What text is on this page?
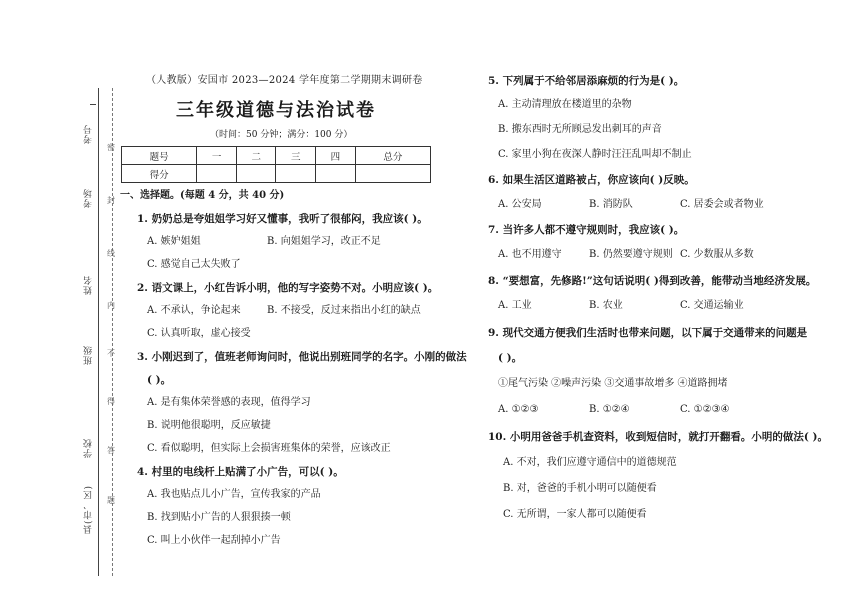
考号
考场
姓名
班级
学校
县(市、区)
密
封
线
内
不
得
答
题
（人教版）安国市 2023—2024 学年度第二学期期末调研卷
三年级道德与法治试卷
（时间：50 分钟；满分：100 分）
题号	一	二	三	四	总分
得分					
一、选择题。(每题 4 分，共 40 分)
1. 奶奶总是夸姐姐学习好又懂事，我听了很郁闷，我应该( )。
A. 嫉妒姐姐	B. 向姐姐学习，改正不足
C. 感觉自己太失败了
2. 语文课上，小红告诉小明，他的写字姿势不对。小明应该( )。
A. 不承认，争论起来	B. 不接受，反过来指出小红的缺点
C. 认真听取，虚心接受
3. 小刚迟到了，值班老师询问时，他说出别班同学的名字。小刚的做法
( )。
A. 是有集体荣誉感的表现，值得学习
B. 说明他很聪明，反应敏捷
C. 看似聪明，但实际上会损害班集体的荣誉，应该改正
4. 村里的电线杆上贴满了小广告，可以( )。
A. 我也贴点儿小广告，宣传我家的产品
B. 找到贴小广告的人狠狠揍一顿
C. 叫上小伙伴一起刮掉小广告
5. 下列属于不给邻居添麻烦的行为是( )。
A. 主动清理放在楼道里的杂物
B. 搬东西时无所顾忌发出刺耳的声音
C. 家里小狗在夜深人静时汪汪乱叫却不制止
6. 如果生活区道路被占，你应该向( )反映。
A. 公安局	B. 消防队	C. 居委会或者物业
7. 当许多人都不遵守规则时，我应该( )。
A. 也不用遵守	B. 仍然要遵守规则 C. 少数服从多数
8. “要想富，先修路!”这句话说明( )得到改善，能带动当地经济发展。
A. 工业	B. 农业	C. 交通运输业
9. 现代交通方便我们生活时也带来问题，以下属于交通带来的问题是
( )。
①尾气污染 ②噪声污染 ③交通事故增多 ④道路拥堵
A. ①②③	B. ①②④	C. ①②③④
10. 小明用爸爸手机查资料，收到短信时，就打开翻看。小明的做法( )。
A. 不对，我们应遵守通信中的道德规范
B. 对，爸爸的手机小明可以随便看
C. 无所谓，一家人都可以随便看
